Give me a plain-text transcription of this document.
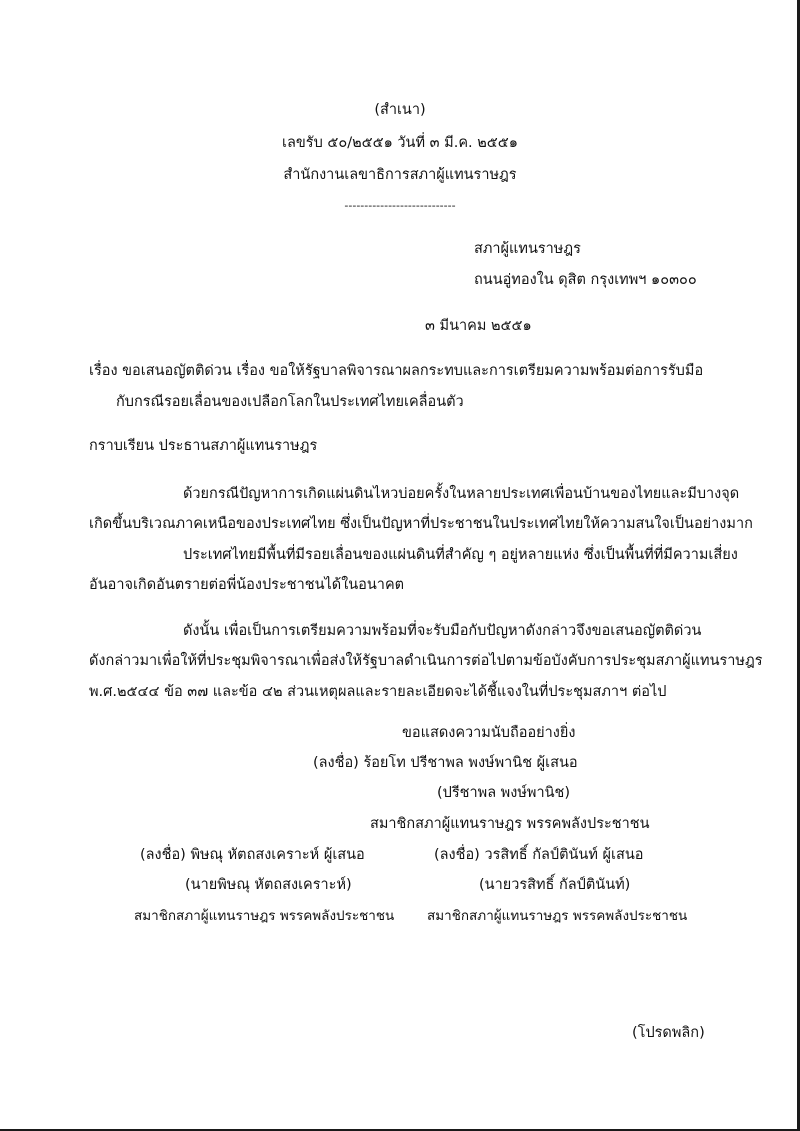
(สำเนา)
เลขรับ ๕๐/๒๕๕๑ วันที่ ๓ มี.ค. ๒๕๕๑
สำนักงานเลขาธิการสภาผู้แทนราษฎร
----------------------------
สภาผู้แทนราษฎร
ถนนอู่ทองใน ดุสิต กรุงเทพฯ ๑๐๓๐๐
๓ มีนาคม ๒๕๕๑
เรื่อง ขอเสนอญัตติด่วน เรื่อง ขอให้รัฐบาลพิจารณาผลกระทบและการเตรียมความพร้อมต่อการรับมือ
กับกรณีรอยเลื่อนของเปลือกโลกในประเทศไทยเคลื่อนตัว
กราบเรียน ประธานสภาผู้แทนราษฎร
ด้วยกรณีปัญหาการเกิดแผ่นดินไหวบ่อยครั้งในหลายประเทศเพื่อนบ้านของไทยและมีบางจุด
เกิดขึ้นบริเวณภาคเหนือของประเทศไทย ซึ่งเป็นปัญหาที่ประชาชนในประเทศไทยให้ความสนใจเป็นอย่างมาก
ประเทศไทยมีพื้นที่มีรอยเลื่อนของแผ่นดินที่สำคัญ ๆ อยู่หลายแห่ง ซึ่งเป็นพื้นที่ที่มีความเสี่ยง
อันอาจเกิดอันตรายต่อพี่น้องประชาชนได้ในอนาคต
ดังนั้น เพื่อเป็นการเตรียมความพร้อมที่จะรับมือกับปัญหาดังกล่าวจึงขอเสนอญัตติด่วน
ดังกล่าวมาเพื่อให้ที่ประชุมพิจารณาเพื่อส่งให้รัฐบาลดำเนินการต่อไปตามข้อบังคับการประชุมสภาผู้แทนราษฎร
พ.ศ.๒๕๔๔ ข้อ ๓๗ และข้อ ๔๒ ส่วนเหตุผลและรายละเอียดจะได้ชี้แจงในที่ประชุมสภาฯ ต่อไป
ขอแสดงความนับถืออย่างยิ่ง
(ลงชื่อ) ร้อยโท ปรีชาพล พงษ์พานิช ผู้เสนอ
(ปรีชาพล พงษ์พานิช)
สมาชิกสภาผู้แทนราษฎร พรรคพลังประชาชน
(ลงชื่อ) พิษณุ หัตถสงเคราะห์ ผู้เสนอ
(นายพิษณุ หัตถสงเคราะห์)
สมาชิกสภาผู้แทนราษฎร พรรคพลังประชาชน
(ลงชื่อ) วรสิทธิ์ กัลป์ตินันท์ ผู้เสนอ
(นายวรสิทธิ์ กัลป์ตินันท์)
สมาชิกสภาผู้แทนราษฎร พรรคพลังประชาชน
(โปรดพลิก)
